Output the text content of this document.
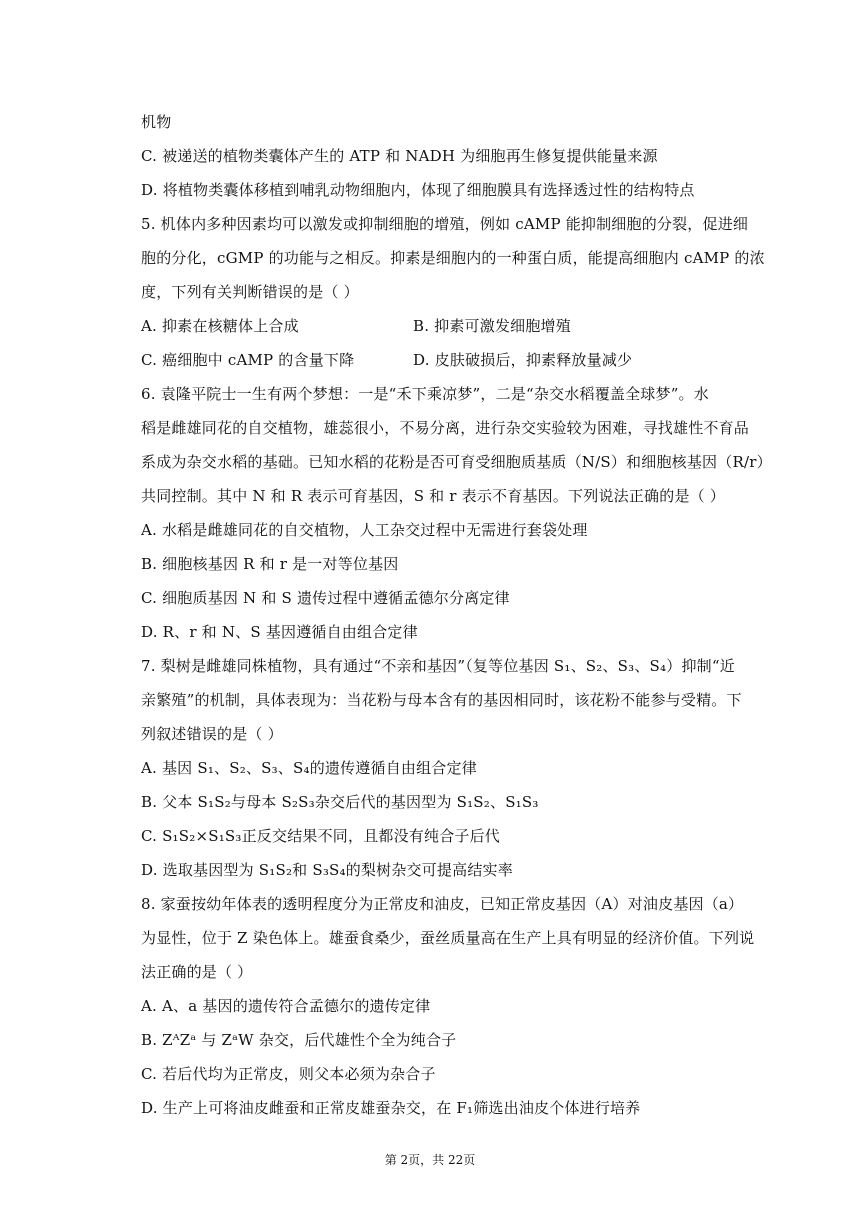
机物
C. 被递送的植物类囊体产生的 ATP 和 NADH 为细胞再生修复提供能量来源
D. 将植物类囊体移植到哺乳动物细胞内，体现了细胞膜具有选择透过性的结构特点
5. 机体内多种因素均可以激发或抑制细胞的增殖，例如 cAMP 能抑制细胞的分裂，促进细
胞的分化，cGMP 的功能与之相反。抑素是细胞内的一种蛋白质，能提高细胞内 cAMP 的浓
度，下列有关判断错误的是（ ）
A. 抑素在核糖体上合成	B. 抑素可激发细胞增殖
C. 癌细胞中 cAMP 的含量下降	D. 皮肤破损后，抑素释放量减少
6. 袁隆平院士一生有两个梦想：一是“禾下乘凉梦”，二是“杂交水稻覆盖全球梦”。水
稻是雌雄同花的自交植物，雄蕊很小，不易分离，进行杂交实验较为困难，寻找雄性不育品
系成为杂交水稻的基础。已知水稻的花粉是否可育受细胞质基质（N/S）和细胞核基因（R/r）
共同控制。其中 N 和 R 表示可育基因，S 和 r 表示不育基因。下列说法正确的是（ ）
A. 水稻是雌雄同花的自交植物，人工杂交过程中无需进行套袋处理
B. 细胞核基因 R 和 r 是一对等位基因
C. 细胞质基因 N 和 S 遗传过程中遵循孟德尔分离定律
D. R、r 和 N、S 基因遵循自由组合定律
7. 梨树是雌雄同株植物，具有通过“不亲和基因”（复等位基因 S₁、S₂、S₃、S₄）抑制“近
亲繁殖”的机制，具体表现为：当花粉与母本含有的基因相同时，该花粉不能参与受精。下
列叙述错误的是（ ）
A. 基因 S₁、S₂、S₃、S₄的遗传遵循自由组合定律
B. 父本 S₁S₂与母本 S₂S₃杂交后代的基因型为 S₁S₂、S₁S₃
C. S₁S₂×S₁S₃正反交结果不同，且都没有纯合子后代
D. 选取基因型为 S₁S₂和 S₃S₄的梨树杂交可提高结实率
8. 家蚕按幼年体表的透明程度分为正常皮和油皮，已知正常皮基因（A）对油皮基因（a）
为显性，位于 Z 染色体上。雄蚕食桑少，蚕丝质量高在生产上具有明显的经济价值。下列说
法正确的是（ ）
A. A、a 基因的遗传符合孟德尔的遗传定律
B. ZᴬZᵃ 与 ZᵃW 杂交，后代雄性个全为纯合子
C. 若后代均为正常皮，则父本必须为杂合子
D. 生产上可将油皮雌蚕和正常皮雄蚕杂交，在 F₁筛选出油皮个体进行培养
第 2页，共 22页
